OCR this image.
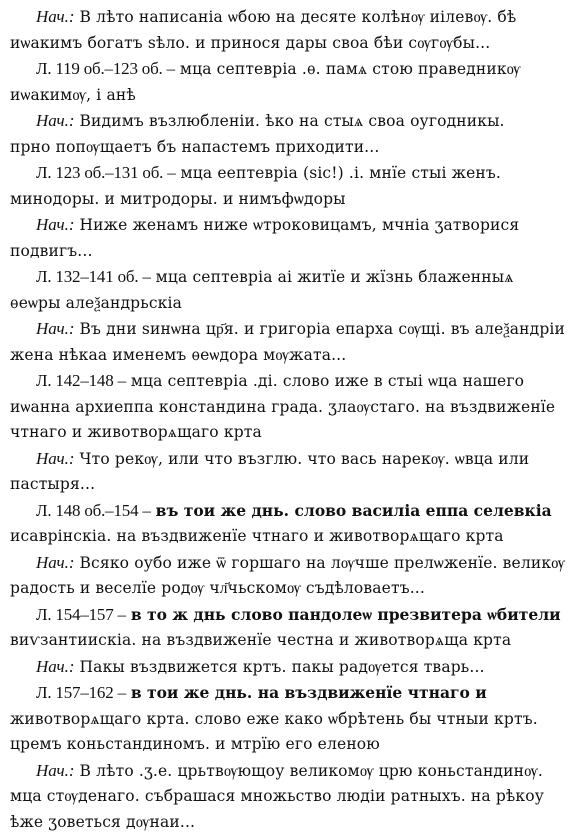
Нач.: В лѣто написаніа ѡбою на десяте колѣнѹ иілевѹ. бѣ
иѡакимъ богатъ ѕѣло. и принося дары своа бѣи сѹгѹбы...
Л. 119 об.–123 об. – мца септеврiа .ѳ. памѧ стою праведникѹ
иѡакимѹ, і анѣ
Нач.: Видимъ възлюбленіи. ѣко на стыѧ своа оугодникы.
прно попѹщаетъ бъ напастемъ приходити...
Л. 123 об.–131 об. – мца еептеврiа (sic!) .і. мнїе стыі женъ.
минодоры. и митродоры. и нимъфѡдоры
Нач.: Ниже женамъ ниже ѡтроковицамъ, мчніа ӡатворися
подвигъ...
Л. 132–141 об. – мца септеврiа аі житїе и жїзнь блаженныѧ
ѳеѡры алеѯандрьскiа
Нач.: Въ дни ѕинѡна цр҃я. и григоріа епарха сѹщі. въ алеѯандріи
жена нѣкаа именемъ ѳеѡдора мѹжата...
Л. 142–148 – мца септеврiа .ді. слово иже в стыі ѡца нашего
иѡанна архиеппа констандина града. ӡлаѹстаго. на въздвиженїе
чтнаго и животворѧщаго крта
Нач.: Что рекѹ, или что възглю. что вась нарекѹ. ѡвца или
пастыря...
Л. 148 об.–154 – въ тои же днь. слово василiа еппа селевкiа
исаврiнскiа. на въздвиженїе чтнаго и животворѧщаго крта
Нач.: Всяко оубо иже ѿ горшаго на лѹчше прелѡженїе. великѹ
радость и веселїе родѹ чл҃чьскомѹ съдѣловаетъ...
Л. 154–157 – в то ж днь слово пандолеѡ презвитера ѡбители
виѵзантиискiа. на въздвиженїе честна и животворѧща крта
Нач.: Пакы въздвижется кртъ. пакы радѹется тварь...
Л. 157–162 – в тои же днь. на въздвиженїе чтнаго и
животворѧщаго крта. слово еже како ѡбрѣтень бы чтныи кртъ.
цремъ коньстандиномъ. и мтрїю его еленою
Нач.: В лѣто .ӡ.е. црьтвѹющоу великомѹ црю коньстандинѹ.
мца стѹденаго. събрашася множьство людіи ратныхъ. на рѣкоу
ѣже ӡоветься дѹнаи...
